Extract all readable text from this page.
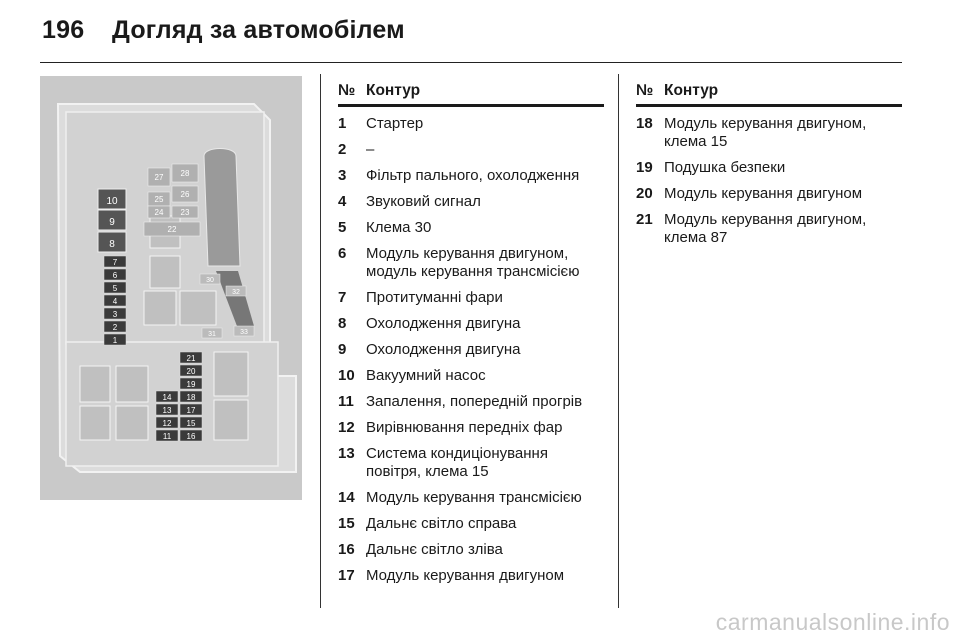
196 Догляд за автомобілем
10
9
8
7
6
5
4
3
2
1
21
20
19
18
14
17
13
15
12
16
11
28
27
26
25
24 23
22
30
32
31	33
№ Контур
1	Стартер
2	–
3	Фільтр пального, охолодження
4	Звуковий сигнал
5	Клема 30
6	Модуль керування двигуном, модуль керування трансмісією
7	Протитуманні фари
8	Охолодження двигуна
9	Охолодження двигуна
10 Вакуумний насос
11 Запалення, попередній прогрів
12 Вирівнювання передніх фар
13 Система кондиціонування повітря, клема 15
14 Модуль керування трансмісією
15 Дальнє світло справа
16 Дальнє світло зліва
17 Модуль керування двигуном
№ Контур
18 Модуль керування двигуном, клема 15
19 Подушка безпеки
20 Модуль керування двигуном
21 Модуль керування двигуном, клема 87
carmanualsonline.info
